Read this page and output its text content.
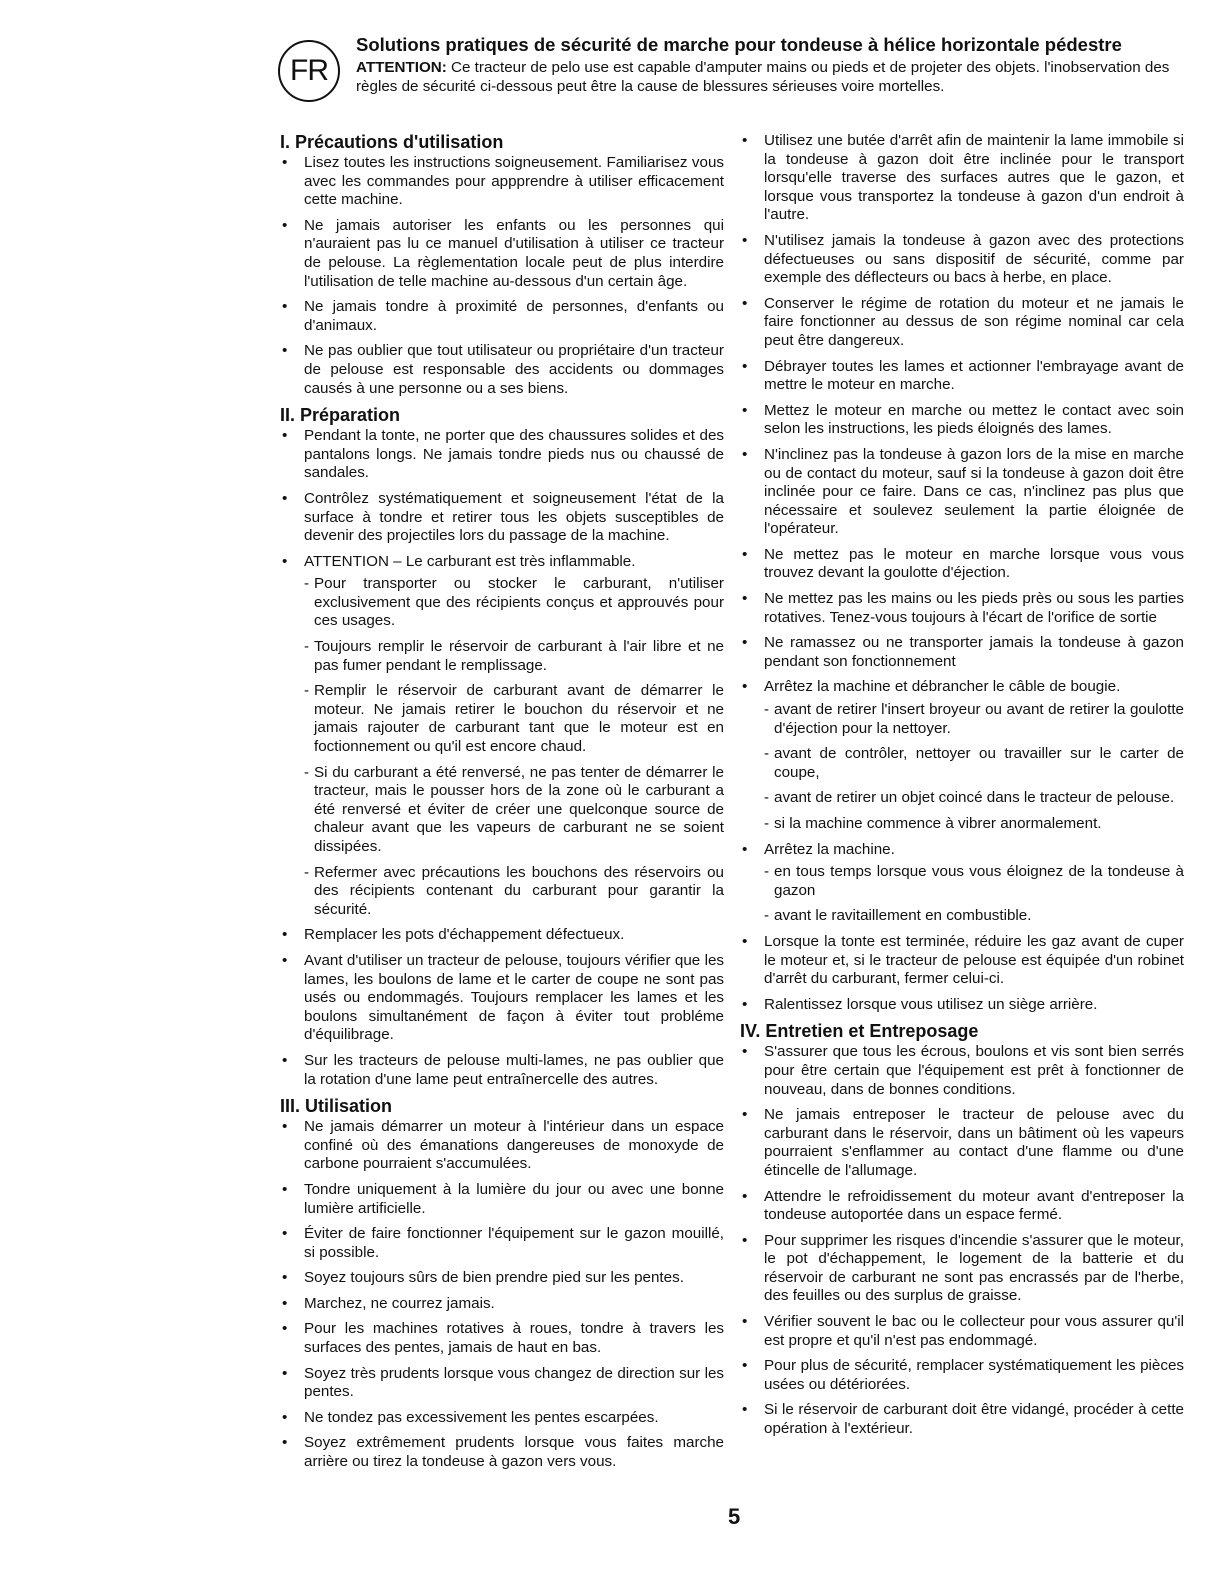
FR
Solutions pratiques de sécurité de marche pour tondeuse à hélice horizontale pédestre
ATTENTION: Ce tracteur de pelo use est capable d'amputer mains ou pieds et de projeter des objets. l'inobservation des règles de sécurité ci-dessous peut être la cause de blessures sérieuses voire mortelles.
I. Précautions d'utilisation
• Lisez toutes les instructions soigneusement. Familiarisez vous avec les commandes pour appprendre à utiliser efficacement cette machine.
• Ne jamais autoriser les enfants ou les personnes qui n'auraient pas lu ce manuel d'utilisation à utiliser ce tracteur de pelouse. La règlementation locale peut de plus interdire l'utilisation de telle machine au-dessous d'un certain âge.
• Ne jamais tondre à proximité de personnes, d'enfants ou d'animaux.
• Ne pas oublier que tout utilisateur ou propriétaire d'un tracteur de pelouse est responsable des accidents ou dommages causés à une personne ou a ses biens.
II. Préparation
• Pendant la tonte, ne porter que des chaussures solides et des pantalons longs. Ne jamais tondre pieds nus ou chaussé de sandales.
• Contrôlez systématiquement et soigneusement l'état de la surface à tondre et retirer tous les objets susceptibles de devenir des projectiles lors du passage de la machine.
• ATTENTION – Le carburant est très inflammable.
- Pour transporter ou stocker le carburant, n'utiliser exclusivement que des récipients conçus et approuvés pour ces usages.
- Toujours remplir le réservoir de carburant à l'air libre et ne pas fumer pendant le remplissage.
- Remplir le réservoir de carburant avant de démarrer le moteur. Ne jamais retirer le bouchon du réservoir et ne jamais rajouter de carburant tant que le moteur est en foctionnement ou qu'il est encore chaud.
- Si du carburant a été renversé, ne pas tenter de démarrer le tracteur, mais le pousser hors de la zone où le carburant a été renversé et éviter de créer une quelconque source de chaleur avant que les vapeurs de carburant ne se soient dissipées.
- Refermer avec précautions les bouchons des réservoirs ou des récipients contenant du carburant pour garantir la sécurité.
• Remplacer les pots d'échappement défectueux.
• Avant d'utiliser un tracteur de pelouse, toujours vérifier que les lames, les boulons de lame et le carter de coupe ne sont pas usés ou endommagés. Toujours remplacer les lames et les boulons simultanément de façon à éviter tout probléme d'équilibrage.
• Sur les tracteurs de pelouse multi-lames, ne pas oublier que la rotation d'une lame peut entraînercelle des autres.
III. Utilisation
• Ne jamais démarrer un moteur à l'intérieur dans un espace confiné où des émanations dangereuses de monoxyde de carbone pourraient s'accumulées.
• Tondre uniquement à la lumière du jour ou avec une bonne lumière artificielle.
• Éviter de faire fonctionner l'équipement sur le gazon mouillé, si possible.
• Soyez toujours sûrs de bien prendre pied sur les pentes.
• Marchez, ne courrez jamais.
• Pour les machines rotatives à roues, tondre à travers les surfaces des pentes, jamais de haut en bas.
• Soyez très prudents lorsque vous changez de direction sur les pentes.
• Ne tondez pas excessivement les pentes escarpées.
• Soyez extrêmement prudents lorsque vous faites marche arrière ou tirez la tondeuse à gazon vers vous.
• Utilisez une butée d'arrêt afin de maintenir la lame immobile si la tondeuse à gazon doit être inclinée pour le transport lorsqu'elle traverse des surfaces autres que le gazon, et lorsque vous transportez la tondeuse à gazon d'un endroit à l'autre.
• N'utilisez jamais la tondeuse à gazon avec des protections défectueuses ou sans dispositif de sécurité, comme par exemple des déflecteurs ou bacs à herbe, en place.
• Conserver le régime de rotation du moteur et ne jamais le faire fonctionner au dessus de son régime nominal car cela peut être dangereux.
• Débrayer toutes les lames et actionner l'embrayage avant de mettre le moteur en marche.
• Mettez le moteur en marche ou mettez le contact avec soin selon les instructions, les pieds éloignés des lames.
• N'inclinez pas la tondeuse à gazon lors de la mise en marche ou de contact du moteur, sauf si la tondeuse à gazon doit être inclinée pour ce faire. Dans ce cas, n'inclinez pas plus que nécessaire et soulevez seulement la partie éloignée de l'opérateur.
• Ne mettez pas le moteur en marche lorsque vous vous trouvez devant la goulotte d'éjection.
• Ne mettez pas les mains ou les pieds près ou sous les parties rotatives. Tenez-vous toujours à l'écart de l'orifice de sortie
• Ne ramassez ou ne transporter jamais la tondeuse à gazon pendant son fonctionnement
• Arrêtez la machine et débrancher le câble de bougie.
- avant de retirer l'insert broyeur ou avant de retirer la goulotte d'éjection pour la nettoyer.
- avant de contrôler, nettoyer ou travailler sur le carter de coupe,
- avant de retirer un objet coincé dans le tracteur de pelouse.
- si la machine commence à vibrer anormalement.
• Arrêtez la machine.
- en tous temps lorsque vous vous éloignez de la tondeuse à gazon
- avant le ravitaillement en combustible.
• Lorsque la tonte est terminée, réduire les gaz avant de cuper le moteur et, si le tracteur de pelouse est équipée d'un robinet d'arrêt du carburant, fermer celui-ci.
• Ralentissez lorsque vous utilisez un siège arrière.
IV. Entretien et Entreposage
• S'assurer que tous les écrous, boulons et vis sont bien serrés pour être certain que l'équipement est prêt à fonctionner de nouveau, dans de bonnes conditions.
• Ne jamais entreposer le tracteur de pelouse avec du carburant dans le réservoir, dans un bâtiment où les vapeurs pourraient s'enflammer au contact d'une flamme ou d'une étincelle de l'allumage.
• Attendre le refroidissement du moteur avant d'entreposer la tondeuse autoportée dans un espace fermé.
• Pour supprimer les risques d'incendie s'assurer que le moteur, le pot d'échappement, le logement de la batterie et du réservoir de carburant ne sont pas encrassés par de l'herbe, des feuilles ou des surplus de graisse.
• Vérifier souvent le bac ou le collecteur pour vous assurer qu'il est propre et qu'il n'est pas endommagé.
• Pour plus de sécurité, remplacer systématiquement les pièces usées ou détériorées.
• Si le réservoir de carburant doit être vidangé, procéder à cette opération à l'extérieur.
5
